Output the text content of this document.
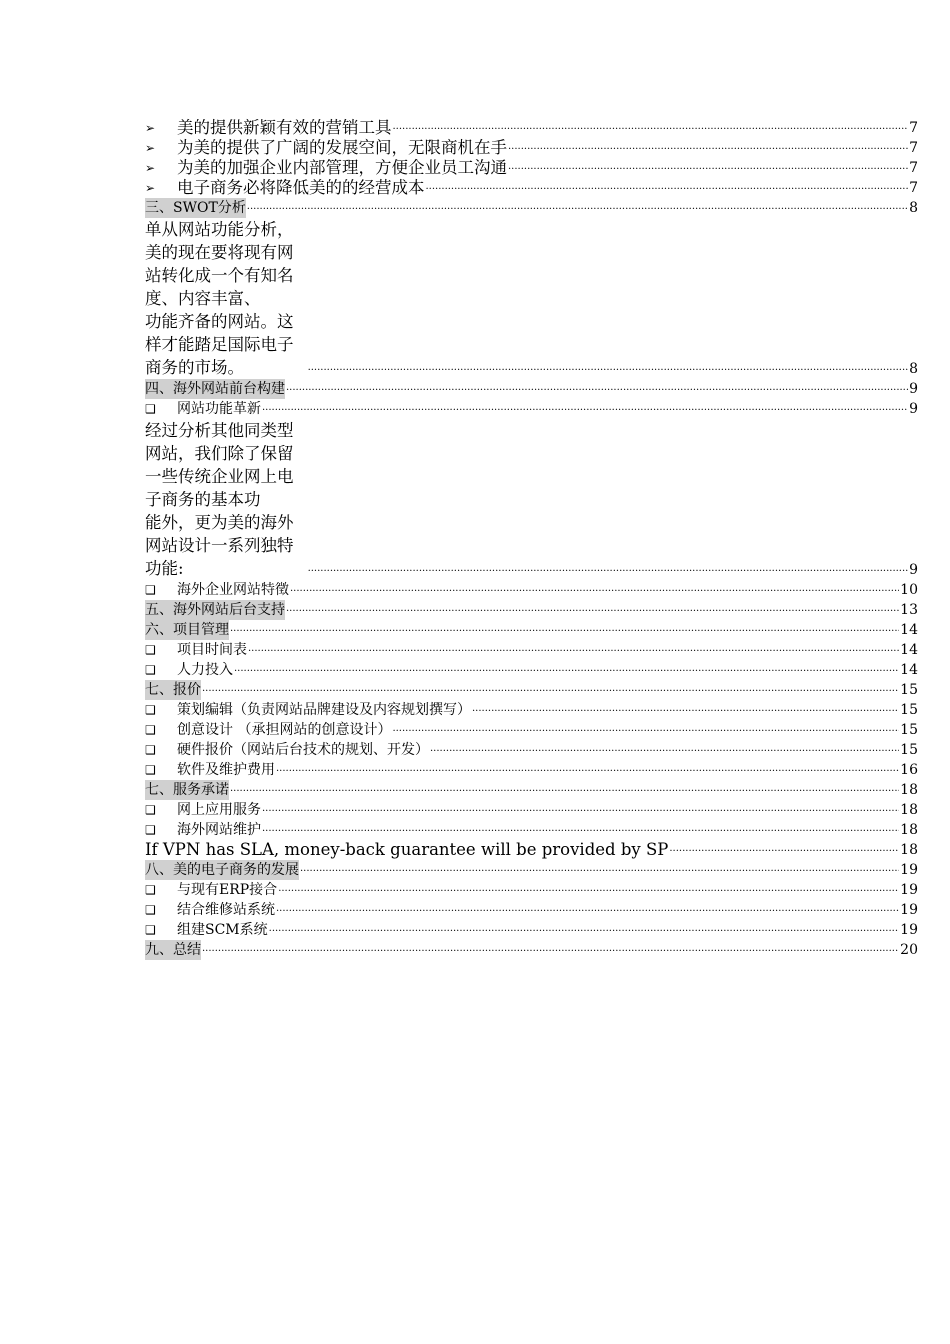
➢	美的提供新颖有效的营销工具 .....	7
➢	为美的提供了广阔的发展空间，无限商机在手 .....	7
➢	为美的加强企业内部管理，方便企业员工沟通 .....	7
➢	电子商务必将降低美的的经营成本 .....	7
三、SWOT分析 .....	8
单从网站功能分析，美的现在要将现有网站转化成一个有知名度、内容丰富、
功能齐备的网站。这样才能踏足国际电子商务的市场。 .....	8
四、海外网站前台构建 .....	9
❑	网站功能革新 .....	9
经过分析其他同类型网站，我们除了保留一些传统企业网上电子商务的基本功
能外，更为美的海外网站设计一系列独特功能: .....	9
❑	海外企业网站特徵 .....	10
五、海外网站后台支持 .....	13
六、项目管理 .....	14
❑	项目时间表 .....	14
❑	人力投入 .....	14
七、报价 .....	15
❑	策划编辑（负责网站品牌建设及内容规划撰写） .....	15
❑	创意设计 （承担网站的创意设计） .....	15
❑	硬件报价（网站后台技术的规划、开发） .....	15
❑	软件及维护费用 .....	16
七、服务承诺 .....	18
❑	网上应用服务 .....	18
❑	海外网站维护 .....	18
If VPN has SLA, money-back guarantee will be provided by SP .....	18
八、美的电子商务的发展 .....	19
❑	与现有ERP接合 .....	19
❑	结合维修站系统 .....	19
❑	组建SCM系统 .....	19
九、总结 .....	20
